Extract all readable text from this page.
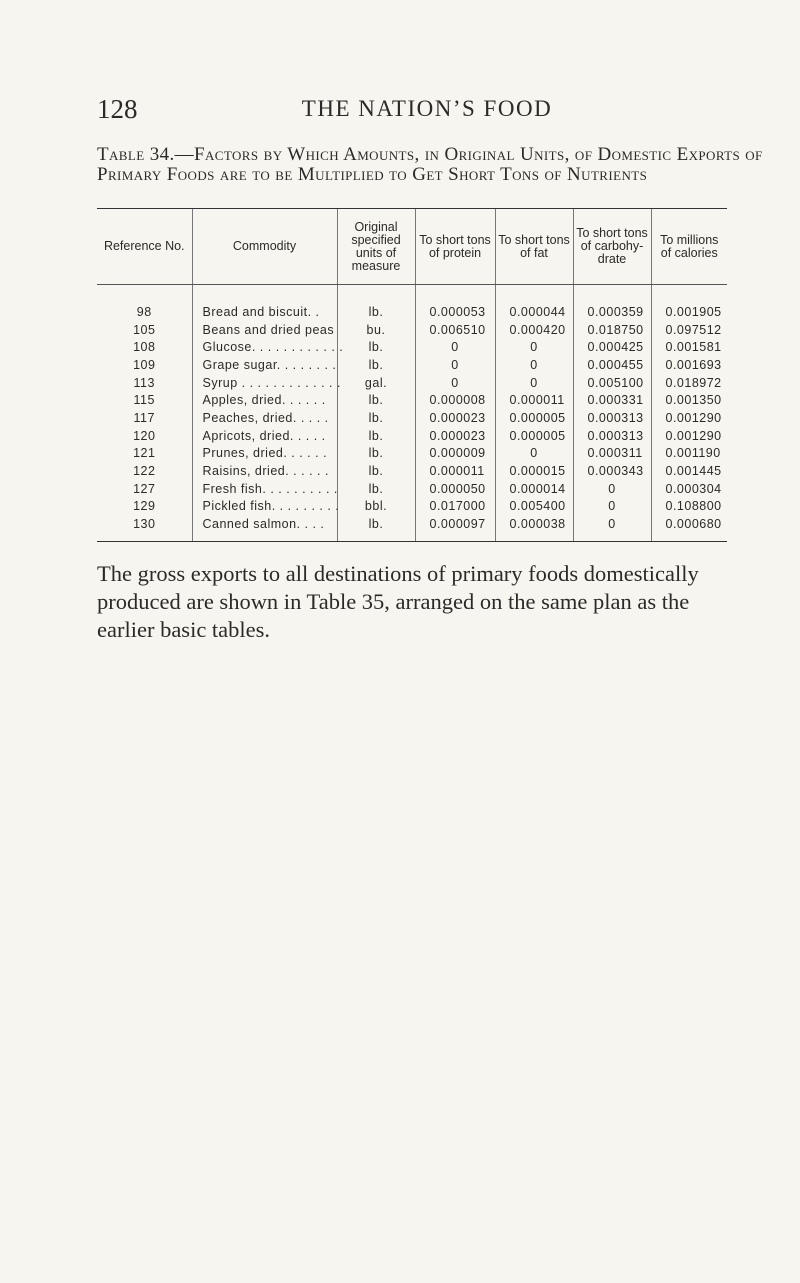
128	THE NATION’S FOOD
Table 34.—Factors by Which Amounts, in Original Units, of Domestic Exports of Primary Foods are to be Multiplied to Get Short Tons of Nutrients
Reference No.	Commodity	Original specified units of measure	To short tons of protein	To short tons of fat	To short tons of carbohy-drate	To millions of calories
98	Bread and biscuit. .	lb.	0.000053	0.000044	0.000359	0.001905
105	Beans and dried peas	bu.	0.006510	0.000420	0.018750	0.097512
108	Glucose. . . . . . . . . . . .	lb.	0	0	0.000425	0.001581
109	Grape sugar. . . . . . . .	lb.	0	0	0.000455	0.001693
113	Syrup . . . . . . . . . . . . .	gal.	0	0	0.005100	0.018972
115	Apples, dried. . . . . .	lb.	0.000008	0.000011	0.000331	0.001350
117	Peaches, dried. . . . .	lb.	0.000023	0.000005	0.000313	0.001290
120	Apricots, dried. . . . .	lb.	0.000023	0.000005	0.000313	0.001290
121	Prunes, dried. . . . . .	lb.	0.000009	0	0.000311	0.001190
122	Raisins, dried. . . . . .	lb.	0.000011	0.000015	0.000343	0.001445
127	Fresh fish. . . . . . . . . .	lb.	0.000050	0.000014	0	0.000304
129	Pickled fish. . . . . . . . .	bbl.	0.017000	0.005400	0	0.108800
130	Canned salmon. . . .	lb.	0.000097	0.000038	0	0.000680
The gross exports to all destinations of primary foods domestically produced are shown in Table 35, arranged on the same plan as the earlier basic tables.
